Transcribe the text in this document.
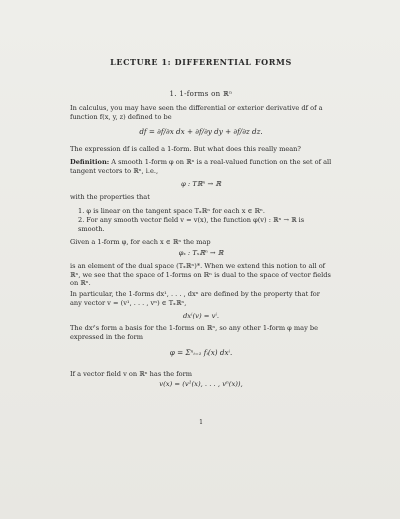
LECTURE 1: DIFFERENTIAL FORMS
1. 1-forms on ℝⁿ
In calculus, you may have seen the differential or exterior derivative df of a function f(x, y, z) defined to be
df = ∂f/∂x dx + ∂f/∂y dy + ∂f/∂z dz.
The expression df is called a 1-form. But what does this really mean?
Definition: A smooth 1-form φ on ℝⁿ is a real-valued function on the set of all tangent vectors to ℝⁿ, i.e.,
φ : Tℝⁿ → ℝ
with the properties that
1. φ is linear on the tangent space Tₓℝⁿ for each x ∈ ℝⁿ.
2. For any smooth vector field v = v(x), the function φ(v) : ℝⁿ → ℝ is smooth.
Given a 1-form φ, for each x ∈ ℝⁿ the map
φₓ : Tₓℝⁿ → ℝ
is an element of the dual space (Tₓℝⁿ)*. When we extend this notion to all of ℝⁿ, we see that the space of 1-forms on ℝⁿ is dual to the space of vector fields on ℝⁿ.
In particular, the 1-forms dx¹, . . . , dxⁿ are defined by the property that for any vector v = (v¹, . . . , vⁿ) ∈ Tₓℝⁿ,
dxⁱ(v) = vⁱ.
The dxⁱ's form a basis for the 1-forms on ℝⁿ, so any other 1-form φ may be expressed in the form
φ = Σⁿᵢ₌₁ fᵢ(x) dxⁱ.
If a vector field v on ℝⁿ has the form
v(x) = (v¹(x), . . . , vⁿ(x)),
1
